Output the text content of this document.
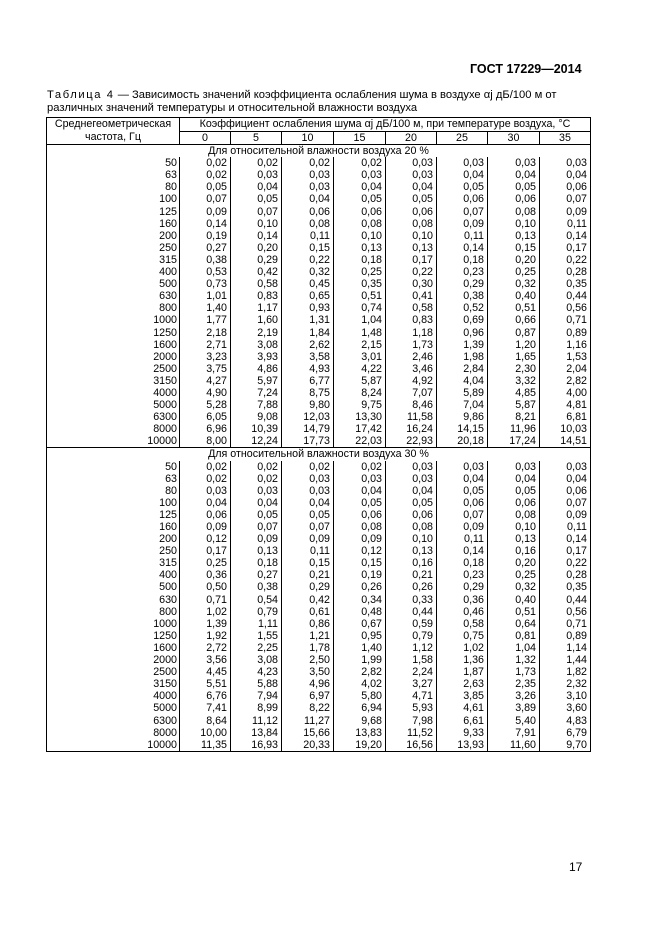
ГОСТ 17229—2014
Таблица 4 — Зависимость значений коэффициента ослабления шума в воздухе αj дБ/100 м от различных значений температуры и относительной влажности воздуха
Среднегеометрическая частота, Гц	Коэффициент ослабления шума αj дБ/100 м, при температуре воздуха, °С							
	0	5	10	15	20	25	30	35
Для относительной влажности воздуха 20 %								
50	0,02	0,02	0,02	0,02	0,03	0,03	0,03	0,03
63	0,02	0,03	0,03	0,03	0,03	0,04	0,04	0,04
80	0,05	0,04	0,03	0,04	0,04	0,05	0,05	0,06
100	0,07	0,05	0,04	0,05	0,05	0,06	0,06	0,07
125	0,09	0,07	0,06	0,06	0,06	0,07	0,08	0,09
160	0,14	0,10	0,08	0,08	0,08	0,09	0,10	0,11
200	0,19	0,14	0,11	0,10	0,10	0,11	0,13	0,14
250	0,27	0,20	0,15	0,13	0,13	0,14	0,15	0,17
315	0,38	0,29	0,22	0,18	0,17	0,18	0,20	0,22
400	0,53	0,42	0,32	0,25	0,22	0,23	0,25	0,28
500	0,73	0,58	0,45	0,35	0,30	0,29	0,32	0,35
630	1,01	0,83	0,65	0,51	0,41	0,38	0,40	0,44
800	1,40	1,17	0,93	0,74	0,58	0,52	0,51	0,56
1000	1,77	1,60	1,31	1,04	0,83	0,69	0,66	0,71
1250	2,18	2,19	1,84	1,48	1,18	0,96	0,87	0,89
1600	2,71	3,08	2,62	2,15	1,73	1,39	1,20	1,16
2000	3,23	3,93	3,58	3,01	2,46	1,98	1,65	1,53
2500	3,75	4,86	4,93	4,22	3,46	2,84	2,30	2,04
3150	4,27	5,97	6,77	5,87	4,92	4,04	3,32	2,82
4000	4,90	7,24	8,75	8,24	7,07	5,89	4,85	4,00
5000	5,28	7,88	9,80	9,75	8,46	7,04	5,87	4,81
6300	6,05	9,08	12,03	13,30	11,58	9,86	8,21	6,81
8000	6,96	10,39	14,79	17,42	16,24	14,15	11,96	10,03
10000	8,00	12,24	17,73	22,03	22,93	20,18	17,24	14,51
Для относительной влажности воздуха 30 %								
50	0,02	0,02	0,02	0,02	0,03	0,03	0,03	0,03
63	0,02	0,02	0,03	0,03	0,03	0,04	0,04	0,04
80	0,03	0,03	0,03	0,04	0,04	0,05	0,05	0,06
100	0,04	0,04	0,04	0,05	0,05	0,06	0,06	0,07
125	0,06	0,05	0,05	0,06	0,06	0,07	0,08	0,09
160	0,09	0,07	0,07	0,08	0,08	0,09	0,10	0,11
200	0,12	0,09	0,09	0,09	0,10	0,11	0,13	0,14
250	0,17	0,13	0,11	0,12	0,13	0,14	0,16	0,17
315	0,25	0,18	0,15	0,15	0,16	0,18	0,20	0,22
400	0,36	0,27	0,21	0,19	0,21	0,23	0,25	0,28
500	0,50	0,38	0,29	0,26	0,26	0,29	0,32	0,35
630	0,71	0,54	0,42	0,34	0,33	0,36	0,40	0,44
800	1,02	0,79	0,61	0,48	0,44	0,46	0,51	0,56
1000	1,39	1,11	0,86	0,67	0,59	0,58	0,64	0,71
1250	1,92	1,55	1,21	0,95	0,79	0,75	0,81	0,89
1600	2,72	2,25	1,78	1,40	1,12	1,02	1,04	1,14
2000	3,56	3,08	2,50	1,99	1,58	1,36	1,32	1,44
2500	4,45	4,23	3,50	2,82	2,24	1,87	1,73	1,82
3150	5,51	5,88	4,96	4,02	3,27	2,63	2,35	2,32
4000	6,76	7,94	6,97	5,80	4,71	3,85	3,26	3,10
5000	7,41	8,99	8,22	6,94	5,93	4,61	3,89	3,60
6300	8,64	11,12	11,27	9,68	7,98	6,61	5,40	4,83
8000	10,00	13,84	15,66	13,83	11,52	9,33	7,91	6,79
10000	11,35	16,93	20,33	19,20	16,56	13,93	11,60	9,70
17
